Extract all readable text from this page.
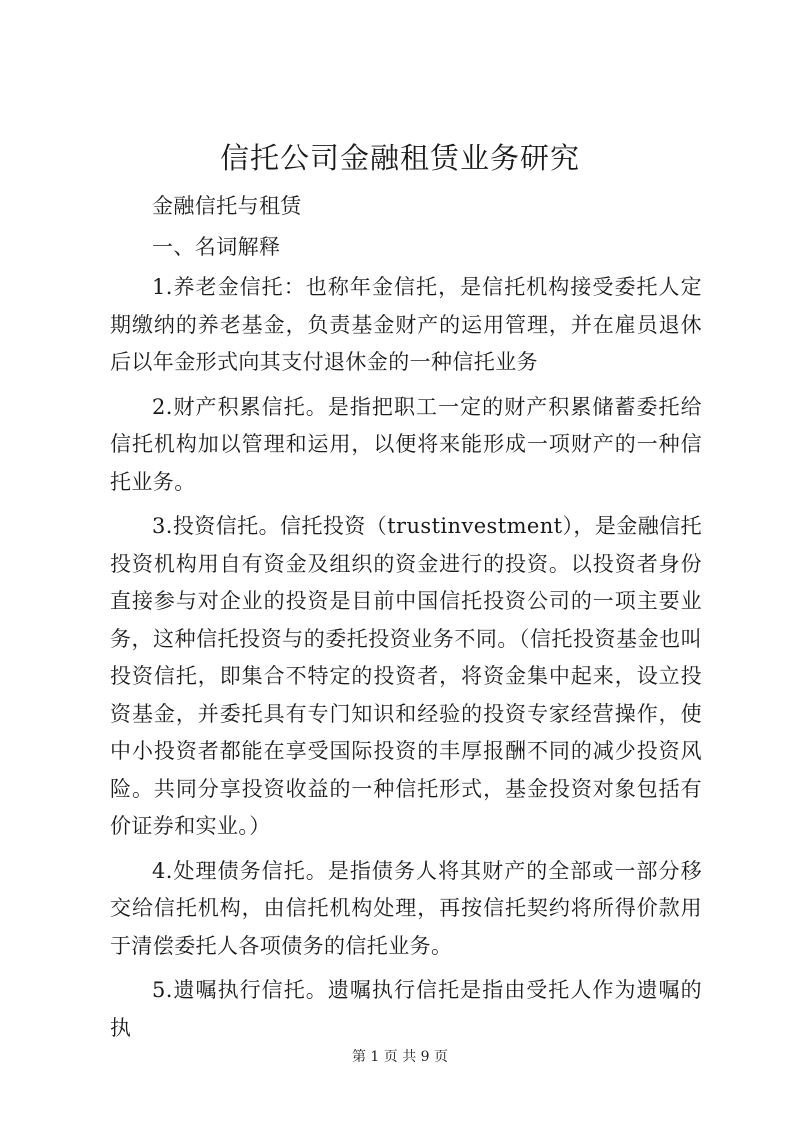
信托公司金融租赁业务研究

金融信托与租赁

一、名词解释

1.养老金信托：也称年金信托，是信托机构接受委托人定期缴纳的养老基金，负责基金财产的运用管理，并在雇员退休后以年金形式向其支付退休金的一种信托业务

2.财产积累信托。是指把职工一定的财产积累储蓄委托给信托机构加以管理和运用，以便将来能形成一项财产的一种信托业务。

3.投资信托。信托投资（trustinvestment），是金融信托投资机构用自有资金及组织的资金进行的投资。以投资者身份直接参与对企业的投资是目前中国信托投资公司的一项主要业务，这种信托投资与的委托投资业务不同。（信托投资基金也叫投资信托，即集合不特定的投资者，将资金集中起来，设立投资基金，并委托具有专门知识和经验的投资专家经营操作，使中小投资者都能在享受国际投资的丰厚报酬不同的减少投资风险。共同分享投资收益的一种信托形式，基金投资对象包括有价证券和实业。）

4.处理债务信托。是指债务人将其财产的全部或一部分移交给信托机构，由信托机构处理，再按信托契约将所得价款用于清偿委托人各项债务的信托业务。

5.遗嘱执行信托。遗嘱执行信托是指由受托人作为遗嘱的执

第 1 页 共 9 页
